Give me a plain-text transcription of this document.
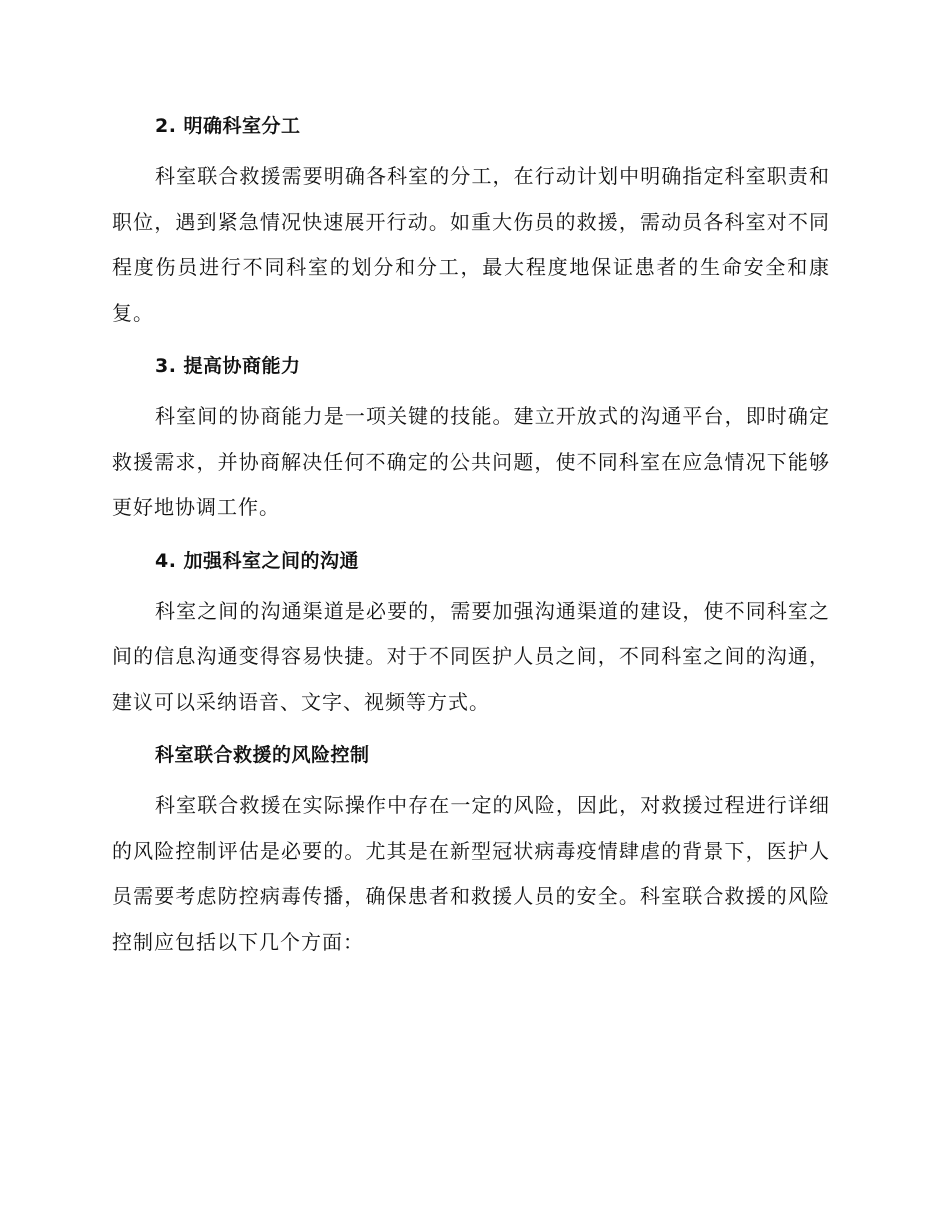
2. 明确科室分工

科室联合救援需要明确各科室的分工，在行动计划中明确指定科室职责和职位，遇到紧急情况快速展开行动。如重大伤员的救援，需动员各科室对不同程度伤员进行不同科室的划分和分工，最大程度地保证患者的生命安全和康复。

3. 提高协商能力

科室间的协商能力是一项关键的技能。建立开放式的沟通平台，即时确定救援需求，并协商解决任何不确定的公共问题，使不同科室在应急情况下能够更好地协调工作。

4. 加强科室之间的沟通

科室之间的沟通渠道是必要的，需要加强沟通渠道的建设，使不同科室之间的信息沟通变得容易快捷。对于不同医护人员之间，不同科室之间的沟通，建议可以采纳语音、文字、视频等方式。

科室联合救援的风险控制

科室联合救援在实际操作中存在一定的风险，因此，对救援过程进行详细的风险控制评估是必要的。尤其是在新型冠状病毒疫情肆虐的背景下，医护人员需要考虑防控病毒传播，确保患者和救援人员的安全。科室联合救援的风险控制应包括以下几个方面：
